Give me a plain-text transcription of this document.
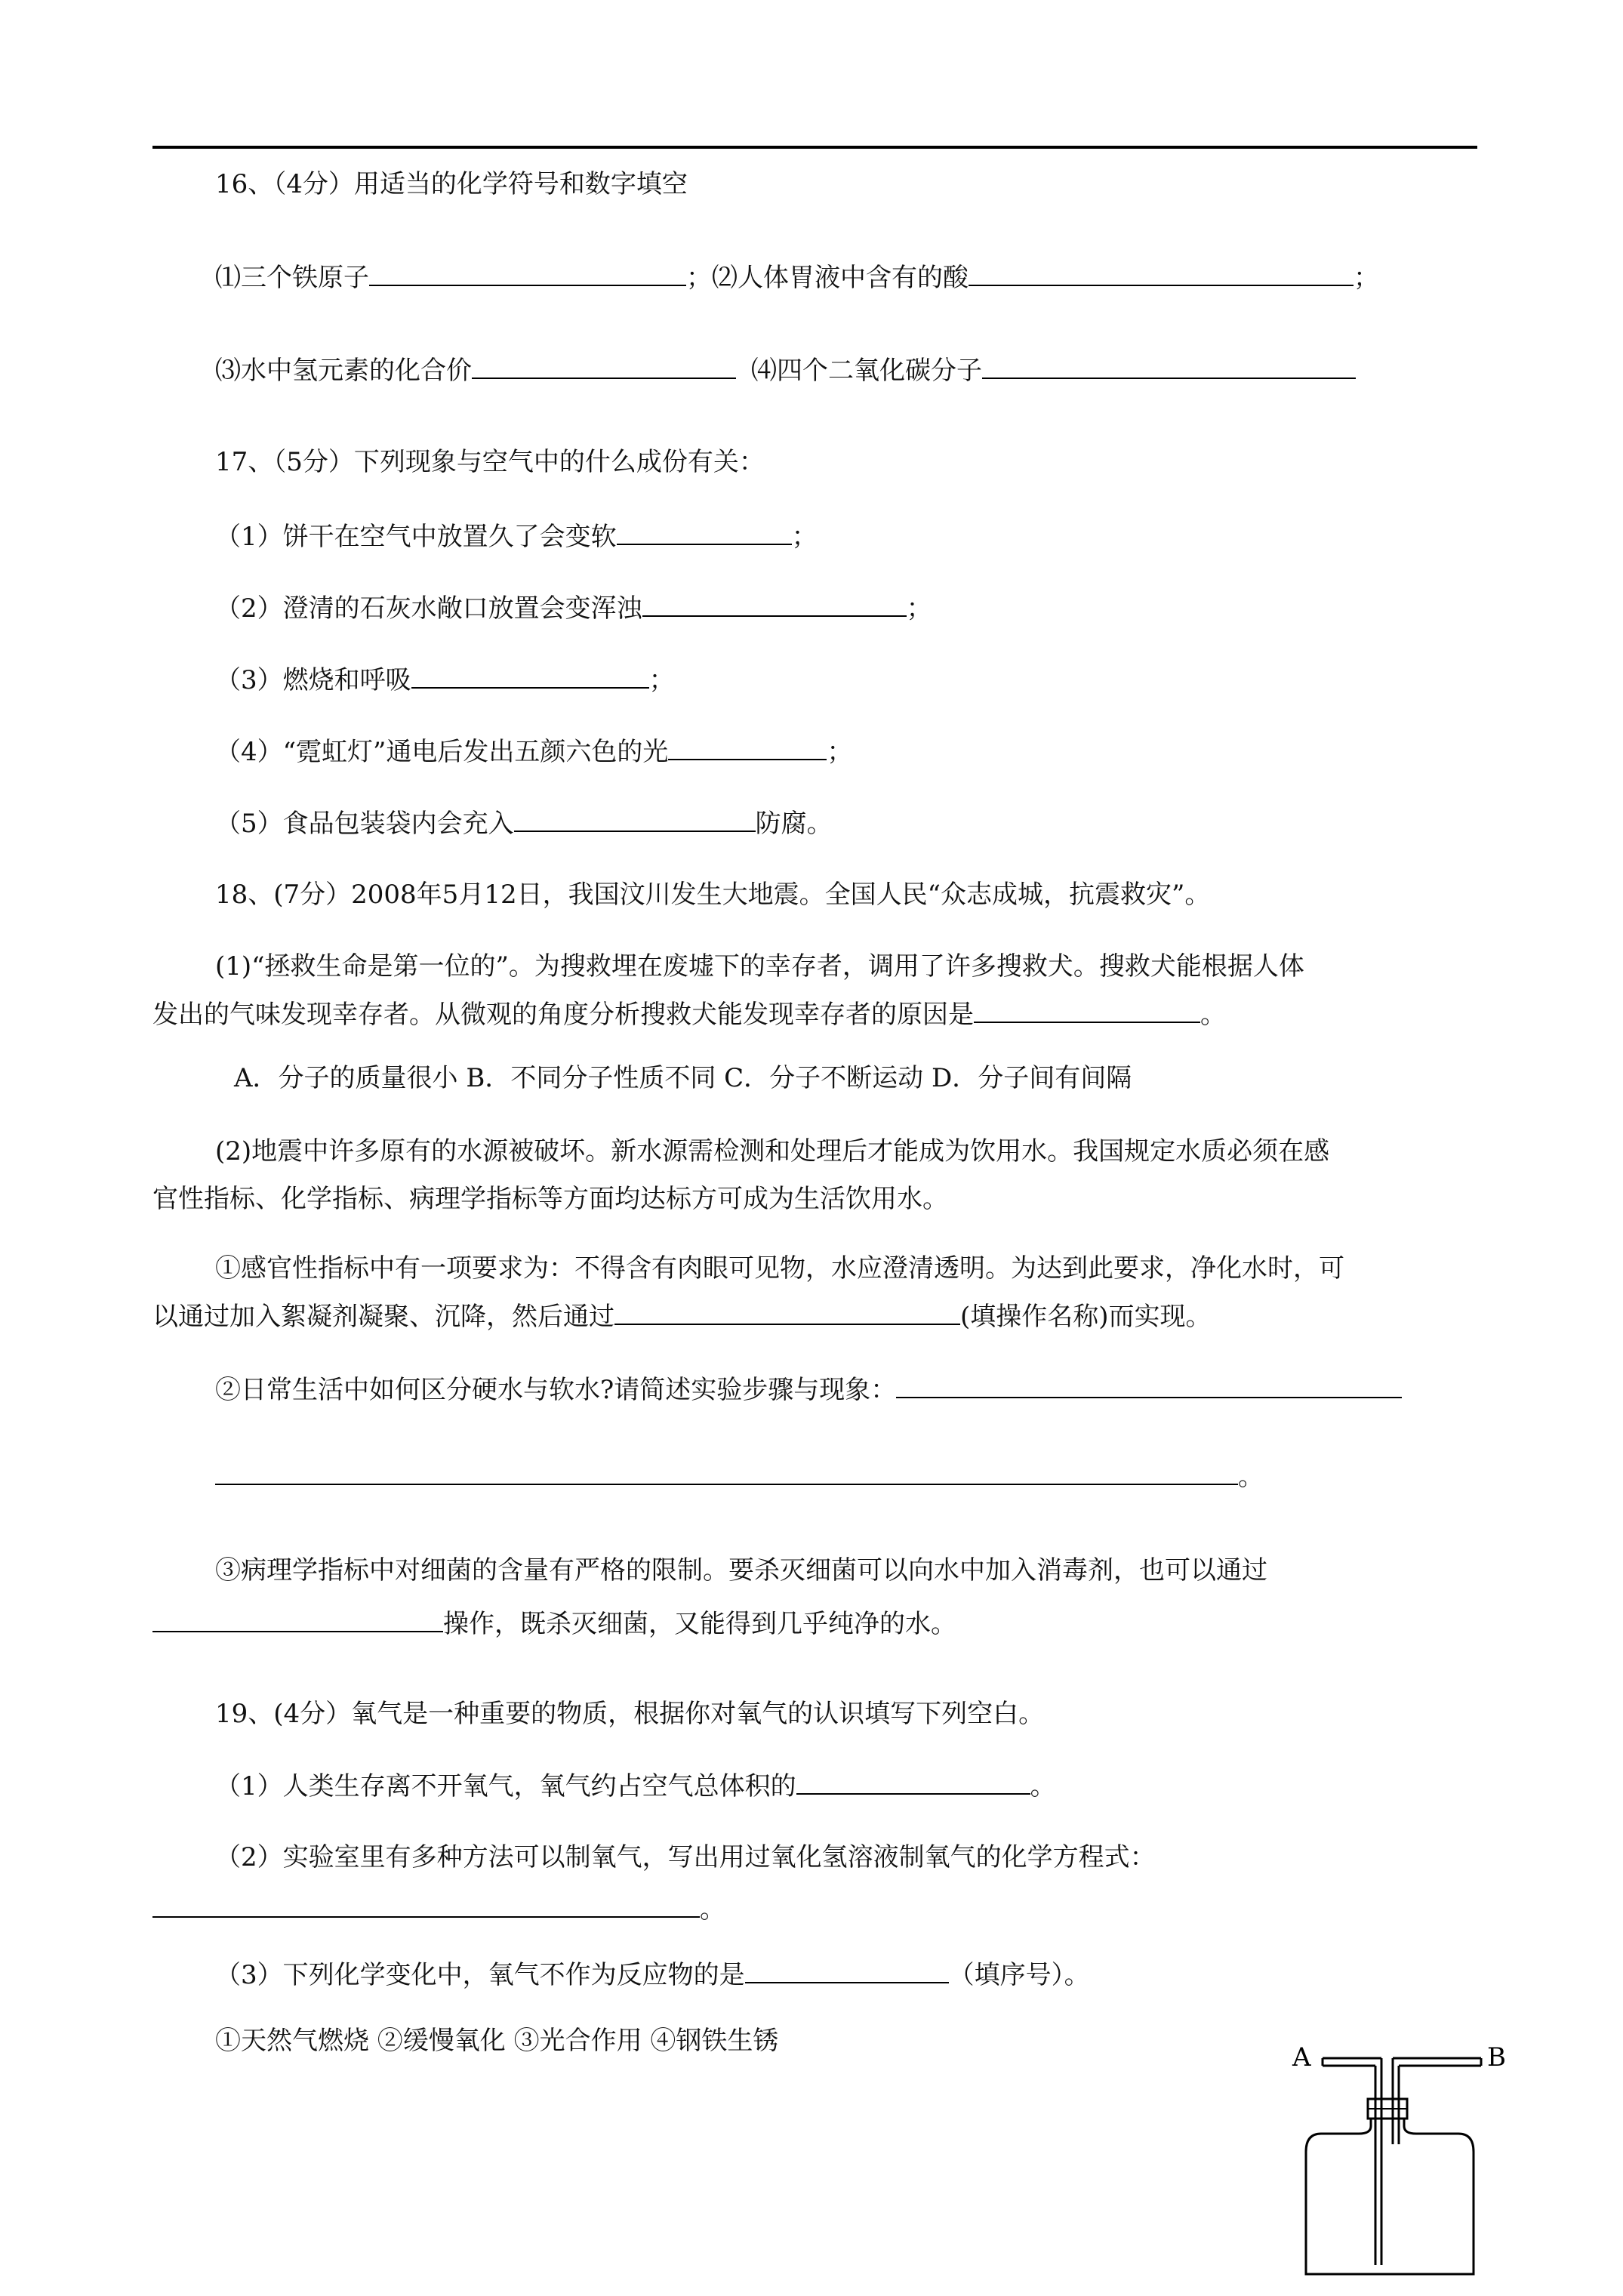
16、（4分）用适当的化学符号和数字填空
⑴三个铁原子	；⑵人体胃液中含有的酸	；
⑶水中氢元素的化合价	⑷四个二氧化碳分子
17、（5分）下列现象与空气中的什么成份有关：
（1）饼干在空气中放置久了会变软	；
（2）澄清的石灰水敞口放置会变浑浊	；
（3）燃烧和呼吸	；
（4）“霓虹灯”通电后发出五颜六色的光	；
（5）食品包装袋内会充入	防腐。
18、(7分）2008年5月12日，我国汶川发生大地震。全国人民“众志成城，抗震救灾”。
(1)“拯救生命是第一位的”。为搜救埋在废墟下的幸存者，调用了许多搜救犬。搜救犬能根据人体
发出的气味发现幸存者。从微观的角度分析搜救犬能发现幸存者的原因是	。
A．分子的质量很小 B．不同分子性质不同 C．分子不断运动 D．分子间有间隔
(2)地震中许多原有的水源被破坏。新水源需检测和处理后才能成为饮用水。我国规定水质必须在感
官性指标、化学指标、病理学指标等方面均达标方可成为生活饮用水。
①感官性指标中有一项要求为：不得含有肉眼可见物，水应澄清透明。为达到此要求，净化水时，可
以通过加入絮凝剂凝聚、沉降，然后通过	(填操作名称)而实现。
②日常生活中如何区分硬水与软水?请简述实验步骤与现象：
。
③病理学指标中对细菌的含量有严格的限制。要杀灭细菌可以向水中加入消毒剂，也可以通过
操作，既杀灭细菌，又能得到几乎纯净的水。
19、(4分）氧气是一种重要的物质，根据你对氧气的认识填写下列空白。
（1）人类生存离不开氧气，氧气约占空气总体积的	。
（2）实验室里有多种方法可以制氧气，写出用过氧化氢溶液制氧气的化学方程式：
。
（3）下列化学变化中，氧气不作为反应物的是	（填序号）。
①天然气燃烧 ②缓慢氧化 ③光合作用 ④钢铁生锈
A	B
